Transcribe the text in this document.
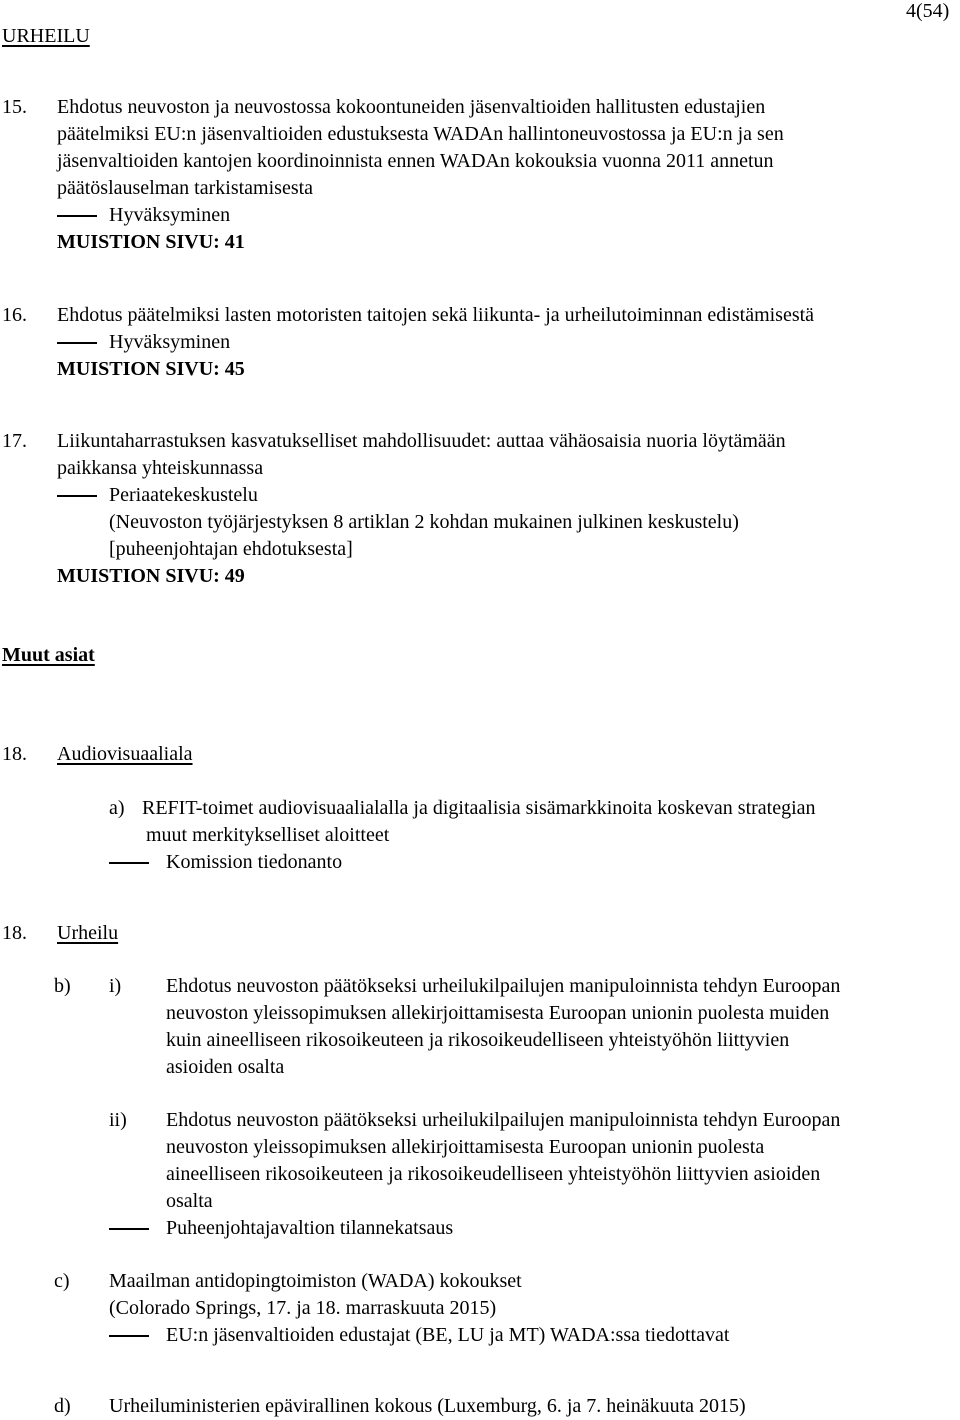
URHEILU
4(54)
15. Ehdotus neuvoston ja neuvostossa kokoontuneiden jäsenvaltioiden hallitusten edustajien
päätelmiksi EU:n jäsenvaltioiden edustuksesta WADAn hallintoneuvostossa ja EU:n ja sen
jäsenvaltioiden kantojen koordinoinnista ennen WADAn kokouksia vuonna 2011 annetun
päätöslauselman tarkistamisesta
Hyväksyminen
MUISTION SIVU: 41
16. Ehdotus päätelmiksi lasten motoristen taitojen sekä liikunta- ja urheilutoiminnan edistämisestä
Hyväksyminen
MUISTION SIVU: 45
17. Liikuntaharrastuksen kasvatukselliset mahdollisuudet: auttaa vähäosaisia nuoria löytämään
paikkansa yhteiskunnassa
Periaatekeskustelu
(Neuvoston työjärjestyksen 8 artiklan 2 kohdan mukainen julkinen keskustelu)
[puheenjohtajan ehdotuksesta]
MUISTION SIVU: 49
Muut asiat
18. Audiovisuaaliala
a) REFIT-toimet audiovisuaalialalla ja digitaalisia sisämarkkinoita koskevan strategian
muut merkitykselliset aloitteet
Komission tiedonanto
18. Urheilu
b) i) Ehdotus neuvoston päätökseksi urheilukilpailujen manipuloinnista tehdyn Euroopan
neuvoston yleissopimuksen allekirjoittamisesta Euroopan unionin puolesta muiden
kuin aineelliseen rikosoikeuteen ja rikosoikeudelliseen yhteistyöhön liittyvien
asioiden osalta
ii) Ehdotus neuvoston päätökseksi urheilukilpailujen manipuloinnista tehdyn Euroopan
neuvoston yleissopimuksen allekirjoittamisesta Euroopan unionin puolesta
aineelliseen rikosoikeuteen ja rikosoikeudelliseen yhteistyöhön liittyvien asioiden
osalta
Puheenjohtajavaltion tilannekatsaus
c) Maailman antidopingtoimiston (WADA) kokoukset
(Colorado Springs, 17. ja 18. marraskuuta 2015)
EU:n jäsenvaltioiden edustajat (BE, LU ja MT) WADA:ssa tiedottavat
d) Urheiluministerien epävirallinen kokous (Luxemburg, 6. ja 7. heinäkuuta 2015)
